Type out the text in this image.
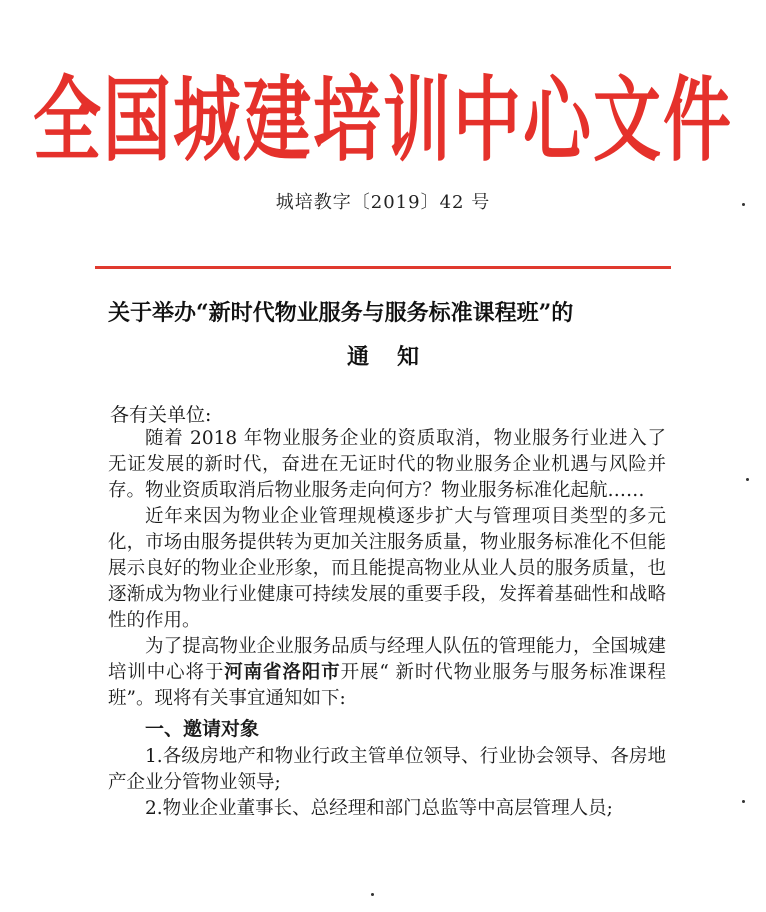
全国城建培训中心文件
城培教字〔2019〕42 号
关于举办“新时代物业服务与服务标准课程班”的
通知
各有关单位:

随着 2018 年物业服务企业的资质取消，物业服务行业进入了无证发展的新时代，奋进在无证时代的物业服务企业机遇与风险并存。物业资质取消后物业服务走向何方？物业服务标准化起航……

近年来因为物业企业管理规模逐步扩大与管理项目类型的多元化，市场由服务提供转为更加关注服务质量，物业服务标准化不但能展示良好的物业企业形象，而且能提高物业从业人员的服务质量，也逐渐成为物业行业健康可持续发展的重要手段，发挥着基础性和战略性的作用。

为了提高物业企业服务品质与经理人队伍的管理能力，全国城建培训中心将于河南省洛阳市开展“ 新时代物业服务与服务标准课程班”。现将有关事宜通知如下:

一、邀请对象

1.各级房地产和物业行政主管单位领导、行业协会领导、各房地产企业分管物业领导;

2.物业企业董事长、总经理和部门总监等中高层管理人员;
